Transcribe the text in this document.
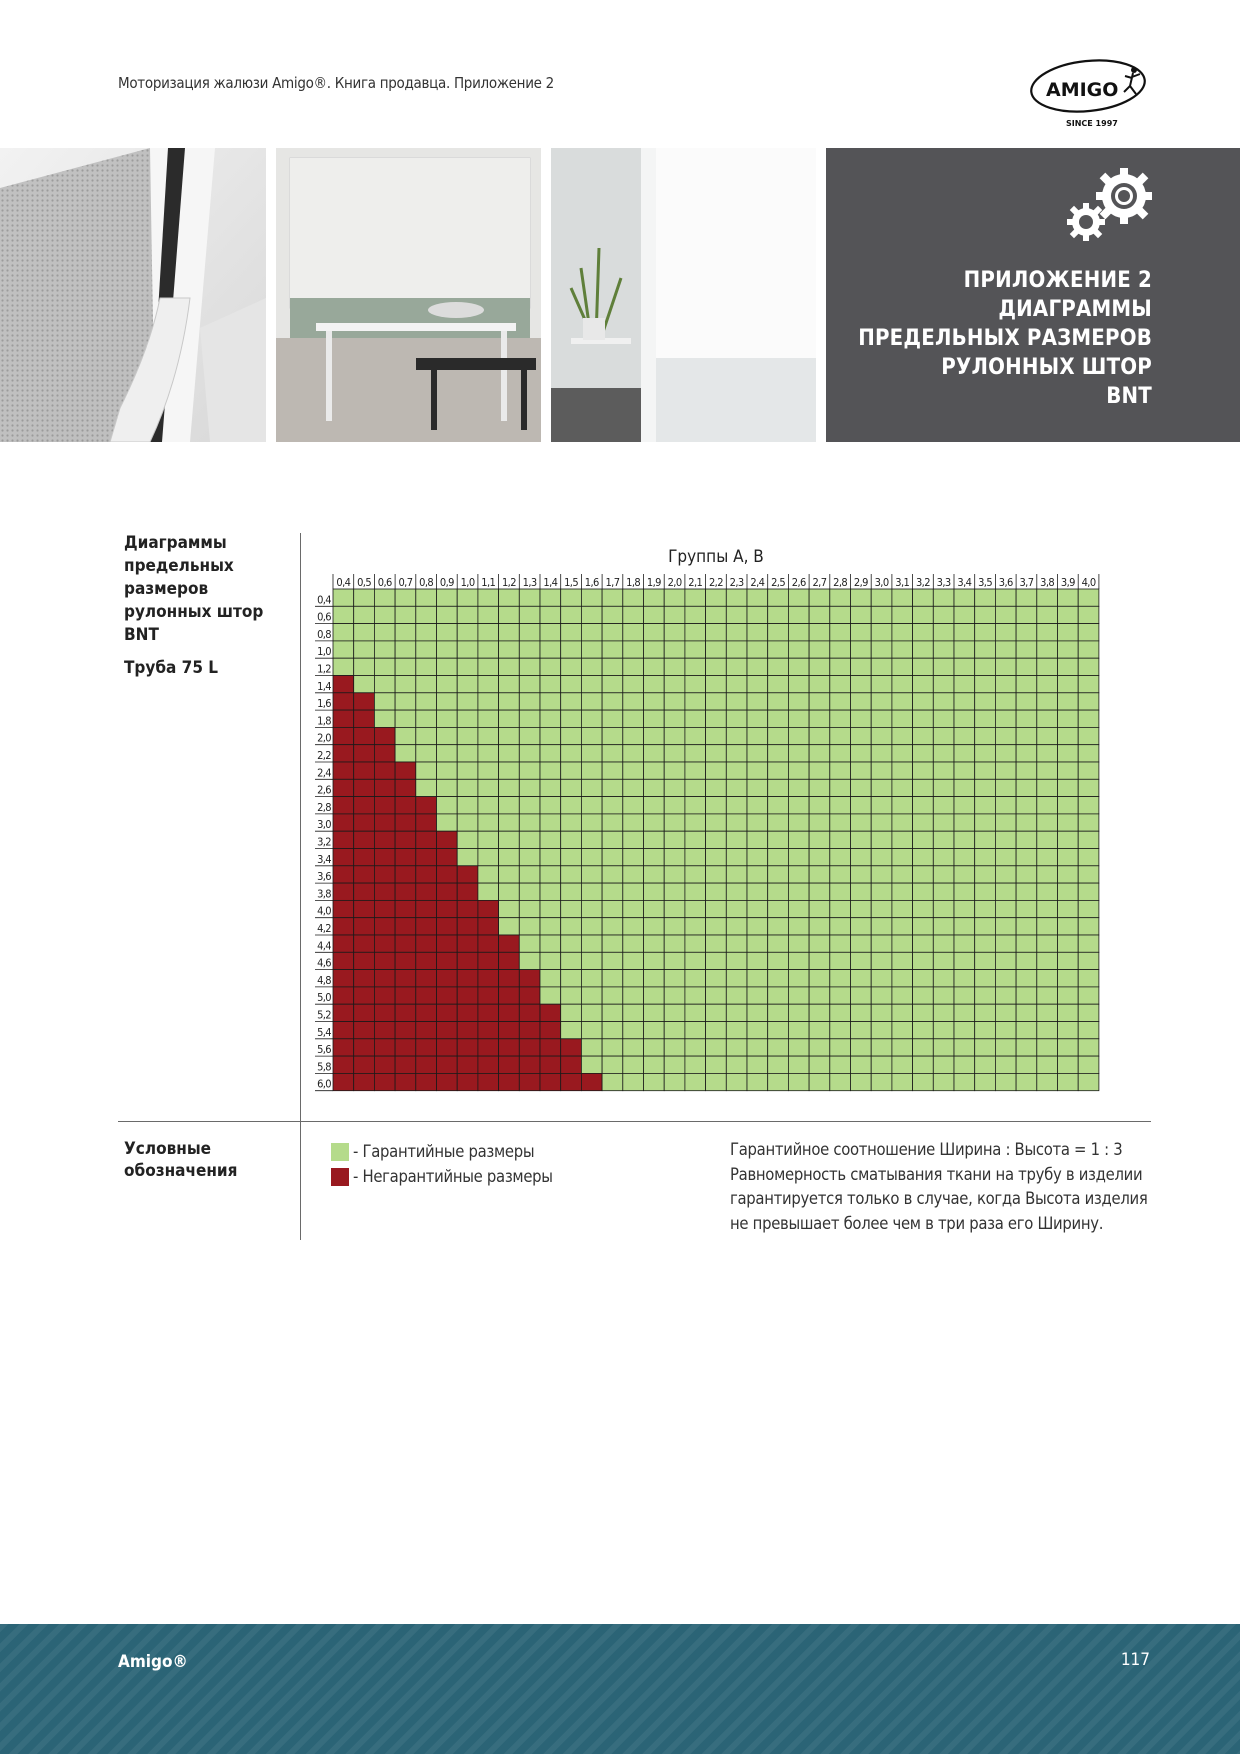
Моторизация жалюзи Amigo®. Книга продавца. Приложение 2	AMIGO
SINCE 1997
ПРИЛОЖЕНИЕ 2
ДИАГРАММЫ
ПРЕДЕЛЬНЫХ РАЗМЕРОВ
РУЛОННЫХ ШТОР
BNT
Диаграммы
предельных
размеров
рулонных штор BNT
Труба 75 L
Группы А, В
0,4 0,5 0,6 0,7 0,8 0,9 1,0 1,1 1,2 1,3 1,4 1,5 1,6 1,7 1,8 1,9 2,0 2,1 2,2 2,3 2,4 2,5 2,6 2,7 2,8 2,9 3,0 3,1 3,2 3,3 3,4 3,5 3,6 3,7 3,8 3,9 4,0
0,4
0,6
0,8
1,0
1,2
1,4
1,6
1,8
2,0
2,2
2,4
2,6
2,8
3,0
3,2
3,4
3,6
3,8
4,0
4,2
4,4
4,6
4,8
5,0
5,2
5,4
5,6
5,8
6,0
Условные
обозначения
- Гарантийные размеры
- Негарантийные размеры
Гарантийное соотношение Ширина : Высота = 1 : 3
Равномерность сматывания ткани на трубу в изделии
гарантируется только в случае, когда Высота изделия
не превышает более чем в три раза его Ширину.
Amigo®	117
